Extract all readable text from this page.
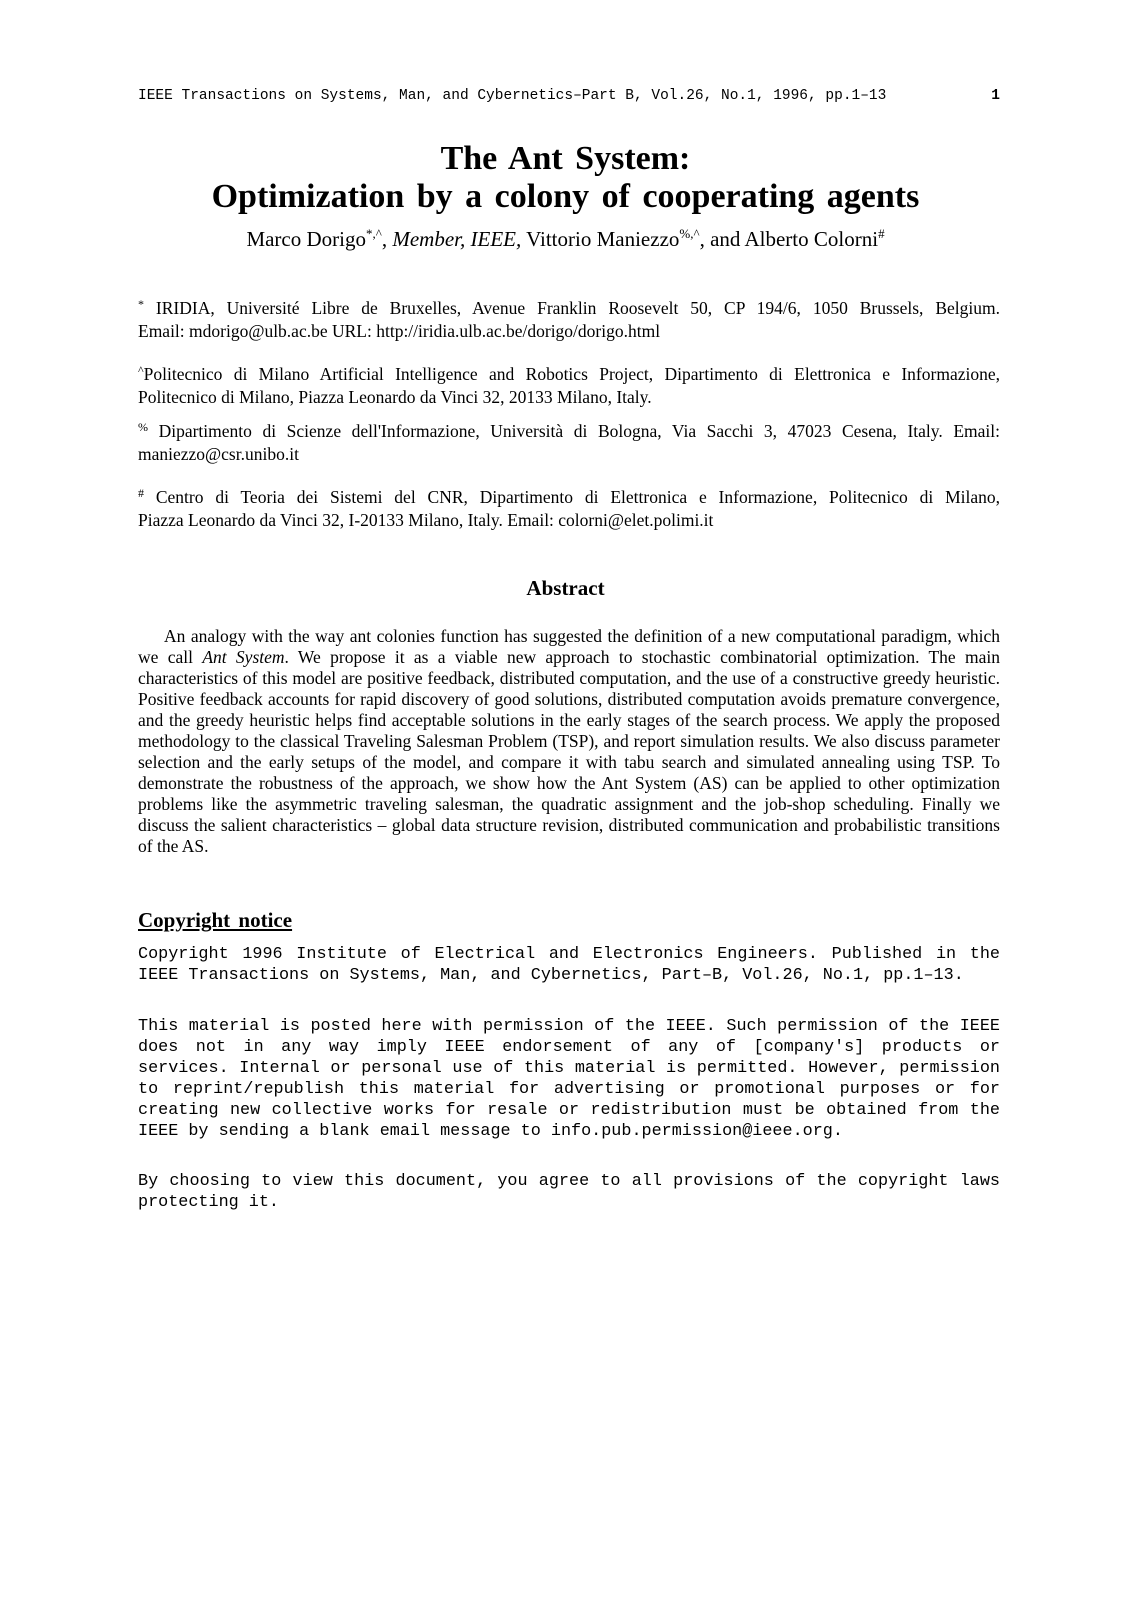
IEEE Transactions on Systems, Man, and Cybernetics–Part B, Vol.26, No.1, 1996, pp.1–13	1
The Ant System:
Optimization by a colony of cooperating agents
Marco Dorigo*,^, Member, IEEE, Vittorio Maniezzo%,^, and Alberto Colorni#
* IRIDIA, Université Libre de Bruxelles, Avenue Franklin Roosevelt 50, CP 194/6, 1050 Brussels, Belgium.
Email: mdorigo@ulb.ac.be URL: http://iridia.ulb.ac.be/dorigo/dorigo.html
^Politecnico di Milano Artificial Intelligence and Robotics Project, Dipartimento di Elettronica e Informazione,
Politecnico di Milano, Piazza Leonardo da Vinci 32, 20133 Milano, Italy.
% Dipartimento di Scienze dell'Informazione, Università di Bologna, Via Sacchi 3, 47023 Cesena, Italy. Email:
maniezzo@csr.unibo.it
# Centro di Teoria dei Sistemi del CNR, Dipartimento di Elettronica e Informazione, Politecnico di Milano,
Piazza Leonardo da Vinci 32, I-20133 Milano, Italy. Email: colorni@elet.polimi.it
Abstract
An analogy with the way ant colonies function has suggested the definition of a new computational paradigm, which we call Ant System. We propose it as a viable new approach to stochastic combinatorial optimization. The main characteristics of this model are positive feedback, distributed computation, and the use of a constructive greedy heuristic. Positive feedback accounts for rapid discovery of good solutions, distributed computation avoids premature convergence, and the greedy heuristic helps find acceptable solutions in the early stages of the search process. We apply the proposed methodology to the classical Traveling Salesman Problem (TSP), and report simulation results. We also discuss parameter selection and the early setups of the model, and compare it with tabu search and simulated annealing using TSP. To demonstrate the robustness of the approach, we show how the Ant System (AS) can be applied to other optimization problems like the asymmetric traveling salesman, the quadratic assignment and the job-shop scheduling. Finally we discuss the salient characteristics – global data structure revision, distributed communication and probabilistic transitions of the AS.
Copyright notice

Copyright 1996 Institute of Electrical and Electronics Engineers. Published in the IEEE Transactions on Systems, Man, and Cybernetics, Part–B, Vol.26, No.1, pp.1–13.

This material is posted here with permission of the IEEE. Such permission of the IEEE does not in any way imply IEEE endorsement of any of [company's] products or services. Internal or personal use of this material is permitted. However, permission to reprint/republish this material for advertising or promotional purposes or for creating new collective works for resale or redistribution must be obtained from the IEEE by sending a blank email message to info.pub.permission@ieee.org.

By choosing to view this document, you agree to all provisions of the copyright laws protecting it.
